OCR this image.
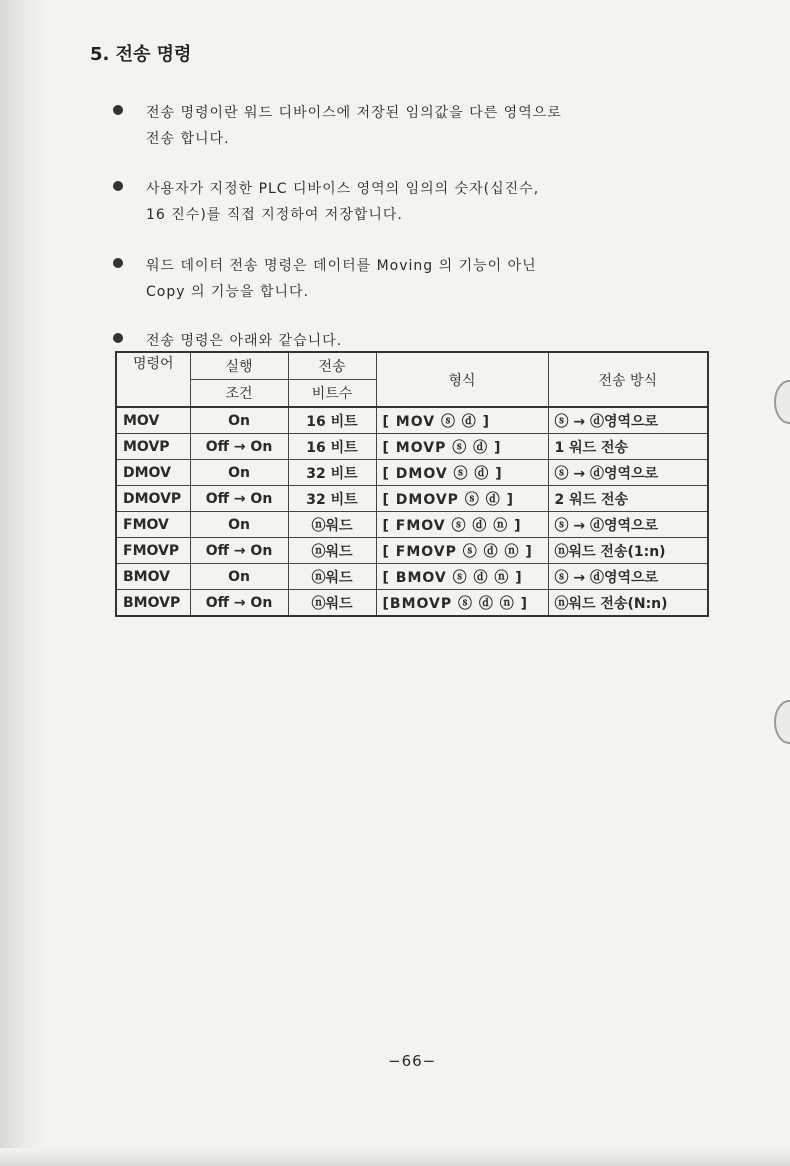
5. 전송 명령
전송 명령이란 워드 디바이스에 저장된 임의값을 다른 영역으로
전송 합니다.
사용자가 지정한 PLC 디바이스 영역의 임의의 숫자(십진수,
16 진수)를 직접 지정하여 저장합니다.
워드 데이터 전송 명령은 데이터를 Moving 의 기능이 아닌
Copy 의 기능을 합니다.
전송 명령은 아래와 같습니다.
명령어	실행	전송	형식	전송 방식
	조건	비트수		
MOV	On	16 비트	[ MOV ⓢ ⓓ ]	ⓢ → ⓓ영역으로
MOVP	Off → On	16 비트	[ MOVP ⓢ ⓓ ]	1 워드 전송
DMOV	On	32 비트	[ DMOV ⓢ ⓓ ]	ⓢ → ⓓ영역으로
DMOVP	Off → On	32 비트	[ DMOVP ⓢ ⓓ ]	2 워드 전송
FMOV	On	ⓝ워드	[ FMOV ⓢ ⓓ ⓝ ]	ⓢ → ⓓ영역으로
FMOVP	Off → On	ⓝ워드	[ FMOVP ⓢ ⓓ ⓝ ]	ⓝ워드 전송(1:n)
BMOV	On	ⓝ워드	[ BMOV ⓢ ⓓ ⓝ ]	ⓢ → ⓓ영역으로
BMOVP	Off → On	ⓝ워드	[BMOVP ⓢ ⓓ ⓝ ]	ⓝ워드 전송(N:n)
−66−
